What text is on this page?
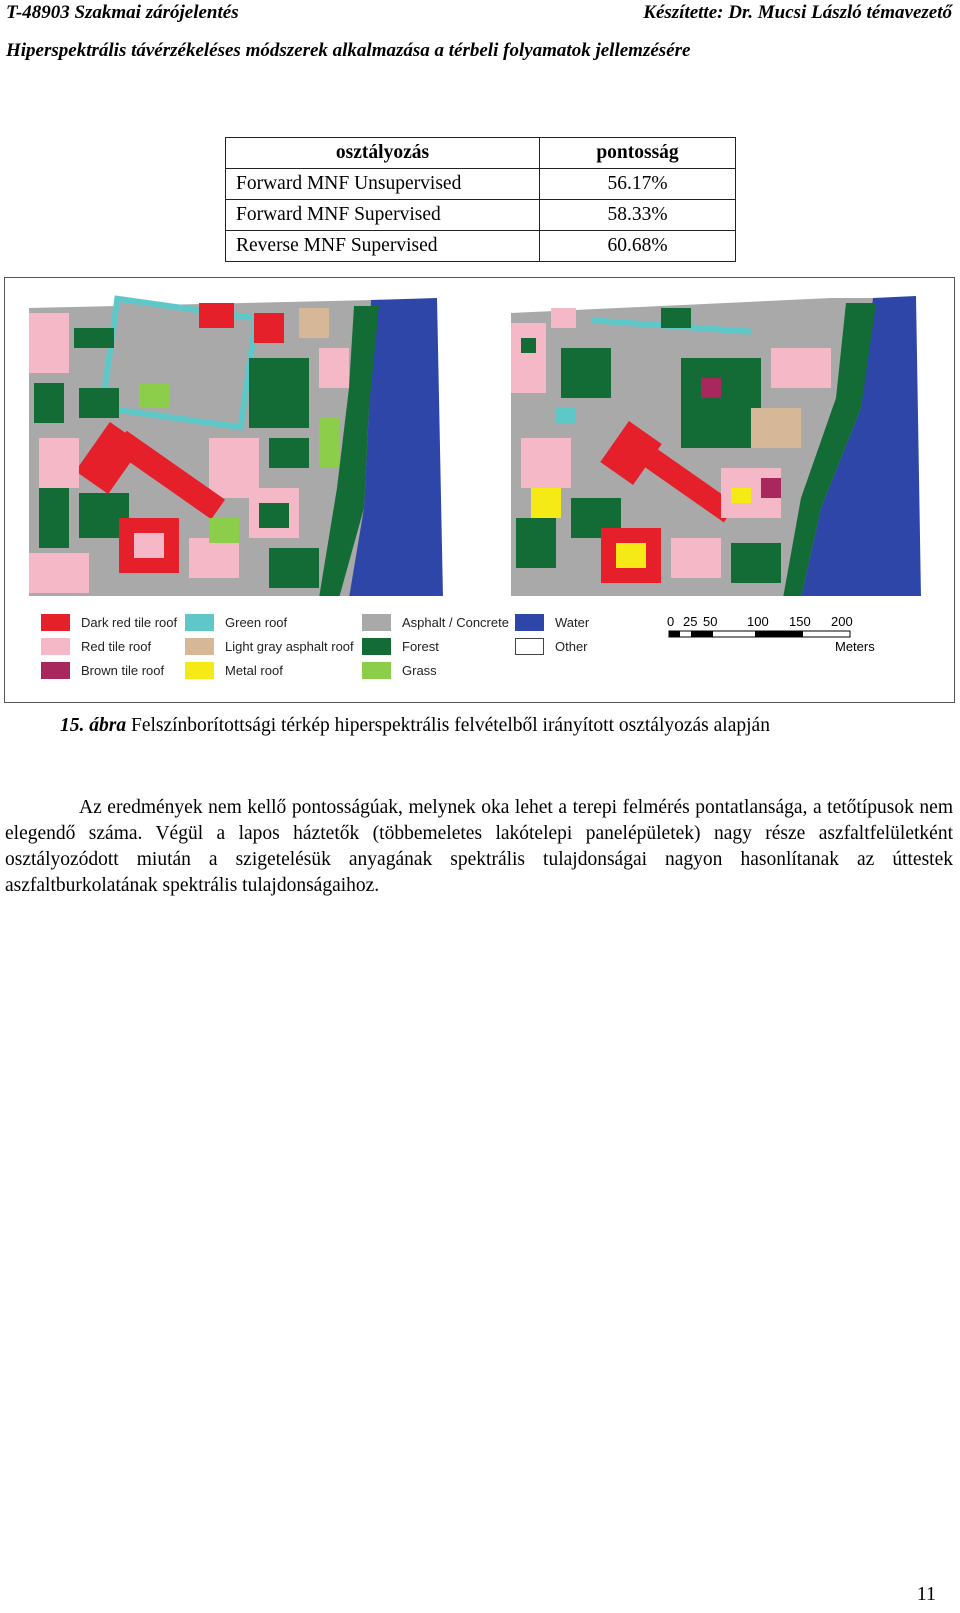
T-48903 Szakmai zárójelentés	Készítette: Dr. Mucsi László témavezető
Hiperspektrális távérzékeléses módszerek alkalmazása a térbeli folyamatok jellemzésére
osztályozás	pontosság
Forward MNF Unsupervised	56.17%
Forward MNF Supervised	58.33%
Reverse MNF Supervised	60.68%
Dark red tile roof
Red tile roof
Brown tile roof
Green roof
Light gray asphalt roof
Metal roof
Asphalt / Concrete
Forest
Grass
Water
Other
0 25 50 100 150 200
Meters
15. ábra Felszínborítottsági térkép hiperspektrális felvételből irányított osztályozás alapján
Az eredmények nem kellő pontosságúak, melynek oka lehet a terepi felmérés pontatlansága, a tetőtípusok nem elegendő száma. Végül a lapos háztetők (többemeletes lakótelepi panelépületek) nagy része aszfaltfelületként osztályozódott miután a szigetelésük anyagának spektrális tulajdonságai nagyon hasonlítanak az úttestek aszfaltburkolatának spektrális tulajdonságaihoz.
11
